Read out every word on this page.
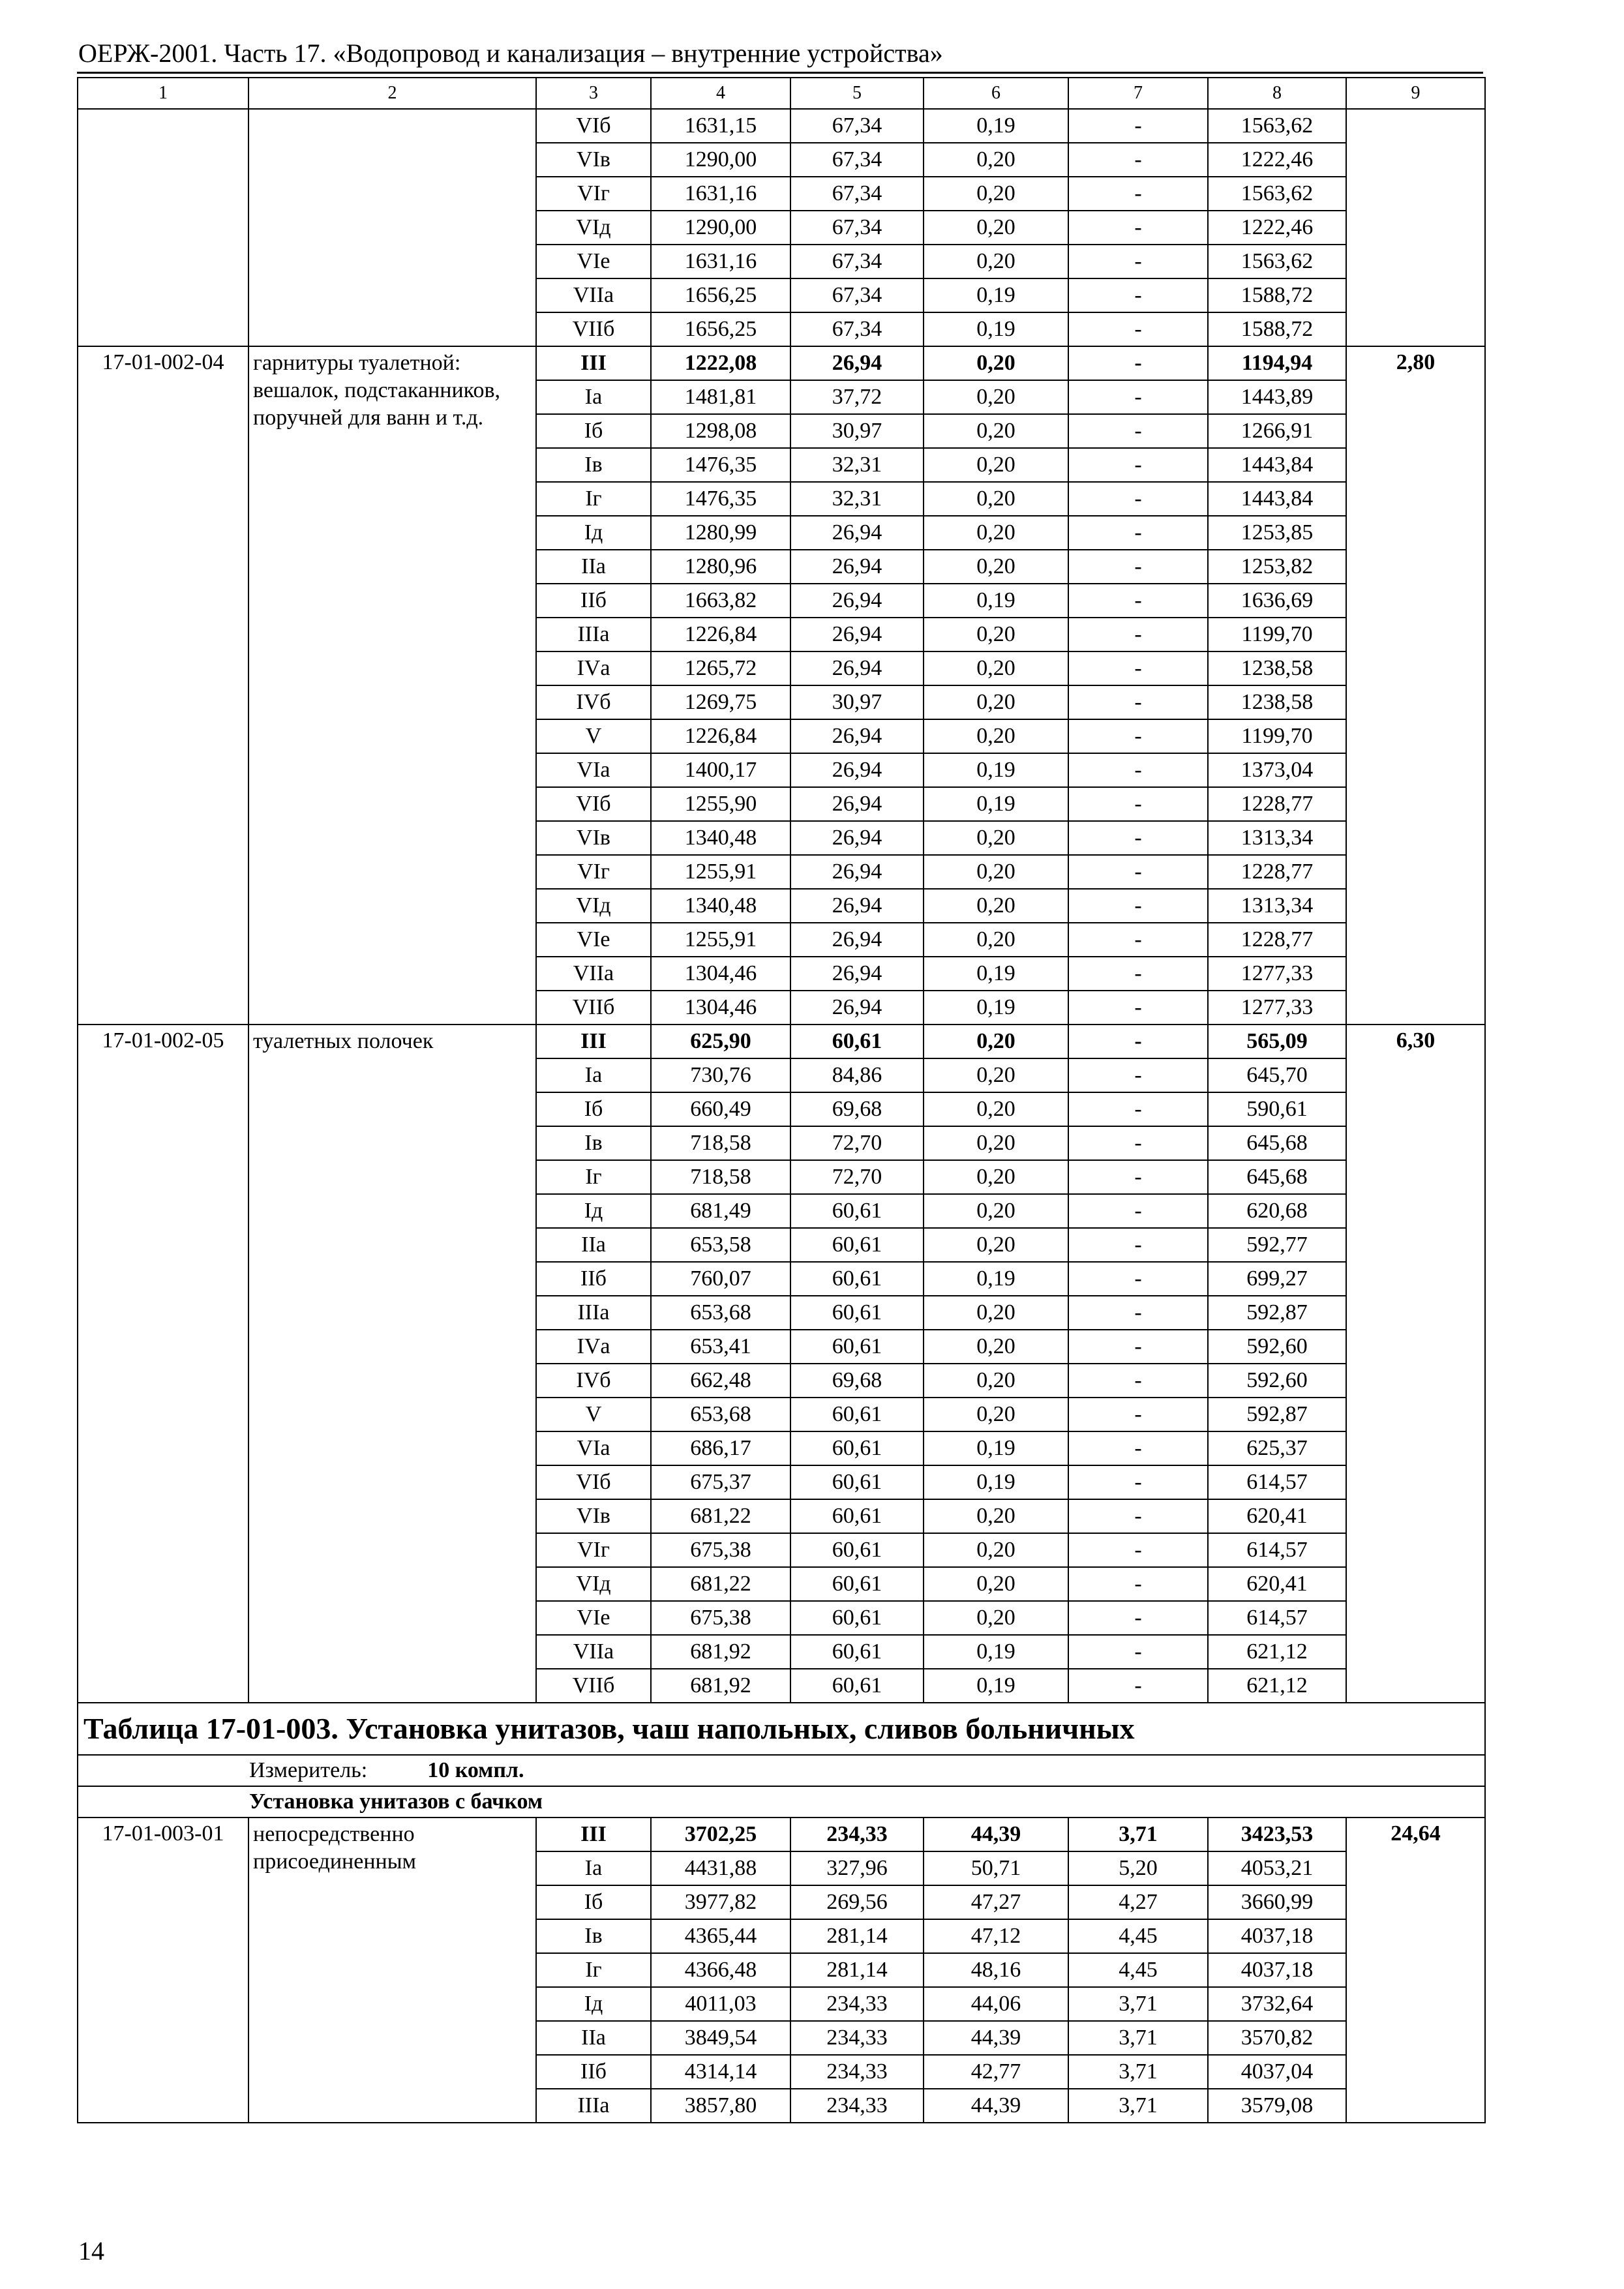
ОЕРЖ-2001. Часть 17. «Водопровод и канализация – внутренние устройства»
1	2	3	4	5	6	7	8	9
		VIб	1631,15	67,34	0,19	-	1563,62	
		VIв	1290,00	67,34	0,20	-	1222,46	
		VIг	1631,16	67,34	0,20	-	1563,62	
		VIд	1290,00	67,34	0,20	-	1222,46	
		VIе	1631,16	67,34	0,20	-	1563,62	
		VIIа	1656,25	67,34	0,19	-	1588,72	
		VIIб	1656,25	67,34	0,19	-	1588,72	
17-01-002-04	гарнитуры туалетной: вешалок, подстаканников, поручней для ванн и т.д.	III	1222,08	26,94	0,20	-	1194,94	2,80
		Iа	1481,81	37,72	0,20	-	1443,89	
		Iб	1298,08	30,97	0,20	-	1266,91	
		Iв	1476,35	32,31	0,20	-	1443,84	
		Iг	1476,35	32,31	0,20	-	1443,84	
		Iд	1280,99	26,94	0,20	-	1253,85	
		IIа	1280,96	26,94	0,20	-	1253,82	
		IIб	1663,82	26,94	0,19	-	1636,69	
		IIIа	1226,84	26,94	0,20	-	1199,70	
		IVа	1265,72	26,94	0,20	-	1238,58	
		IVб	1269,75	30,97	0,20	-	1238,58	
		V	1226,84	26,94	0,20	-	1199,70	
		VIа	1400,17	26,94	0,19	-	1373,04	
		VIб	1255,90	26,94	0,19	-	1228,77	
		VIв	1340,48	26,94	0,20	-	1313,34	
		VIг	1255,91	26,94	0,20	-	1228,77	
		VIд	1340,48	26,94	0,20	-	1313,34	
		VIе	1255,91	26,94	0,20	-	1228,77	
		VIIа	1304,46	26,94	0,19	-	1277,33	
		VIIб	1304,46	26,94	0,19	-	1277,33	
17-01-002-05	туалетных полочек	III	625,90	60,61	0,20	-	565,09	6,30
		Iа	730,76	84,86	0,20	-	645,70	
		Iб	660,49	69,68	0,20	-	590,61	
		Iв	718,58	72,70	0,20	-	645,68	
		Iг	718,58	72,70	0,20	-	645,68	
		Iд	681,49	60,61	0,20	-	620,68	
		IIа	653,58	60,61	0,20	-	592,77	
		IIб	760,07	60,61	0,19	-	699,27	
		IIIа	653,68	60,61	0,20	-	592,87	
		IVа	653,41	60,61	0,20	-	592,60	
		IVб	662,48	69,68	0,20	-	592,60	
		V	653,68	60,61	0,20	-	592,87	
		VIа	686,17	60,61	0,19	-	625,37	
		VIб	675,37	60,61	0,19	-	614,57	
		VIв	681,22	60,61	0,20	-	620,41	
		VIг	675,38	60,61	0,20	-	614,57	
		VIд	681,22	60,61	0,20	-	620,41	
		VIе	675,38	60,61	0,20	-	614,57	
		VIIа	681,92	60,61	0,19	-	621,12	
		VIIб	681,92	60,61	0,19	-	621,12	
Таблица 17-01-003. Установка унитазов, чаш напольных, сливов больничных								
Измеритель: 10 компл.								
Установка унитазов с бачком								
17-01-003-01	непосредственно присоединенным	III	3702,25	234,33	44,39	3,71	3423,53	24,64
		Iа	4431,88	327,96	50,71	5,20	4053,21	
		Iб	3977,82	269,56	47,27	4,27	3660,99	
		Iв	4365,44	281,14	47,12	4,45	4037,18	
		Iг	4366,48	281,14	48,16	4,45	4037,18	
		Iд	4011,03	234,33	44,06	3,71	3732,64	
		IIа	3849,54	234,33	44,39	3,71	3570,82	
		IIб	4314,14	234,33	42,77	3,71	4037,04	
		IIIа	3857,80	234,33	44,39	3,71	3579,08	
14
